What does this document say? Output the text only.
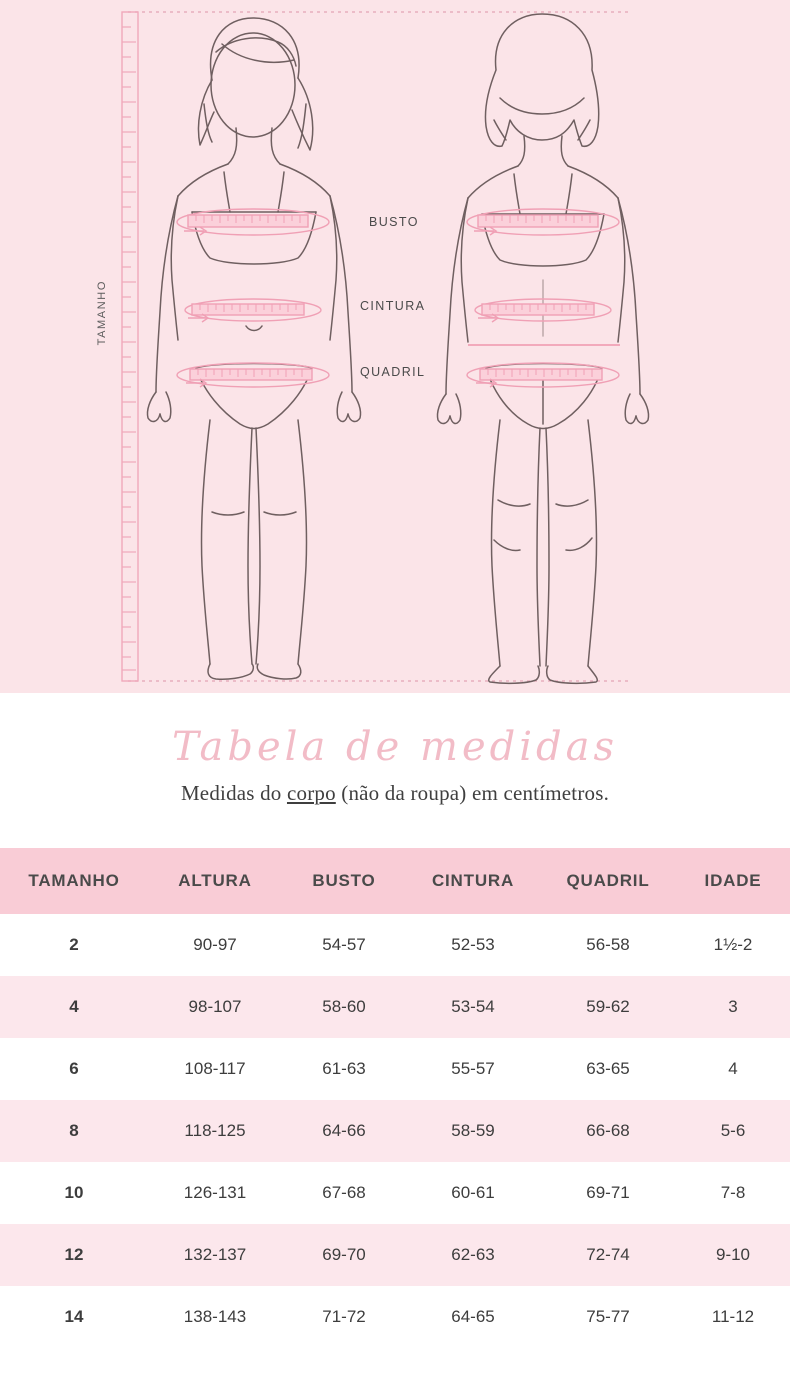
TAMANHO
BUSTO
CINTURA
QUADRIL
Tabela de medidas

Medidas do corpo (não da roupa) em centímetros.

TAMANHO	ALTURA	BUSTO	CINTURA	QUADRIL	IDADE
2	90-97	54-57	52-53	56-58	1½-2
4	98-107	58-60	53-54	59-62	3
6	108-117	61-63	55-57	63-65	4
8	118-125	64-66	58-59	66-68	5-6
10	126-131	67-68	60-61	69-71	7-8
12	132-137	69-70	62-63	72-74	9-10
14	138-143	71-72	64-65	75-77	11-12
